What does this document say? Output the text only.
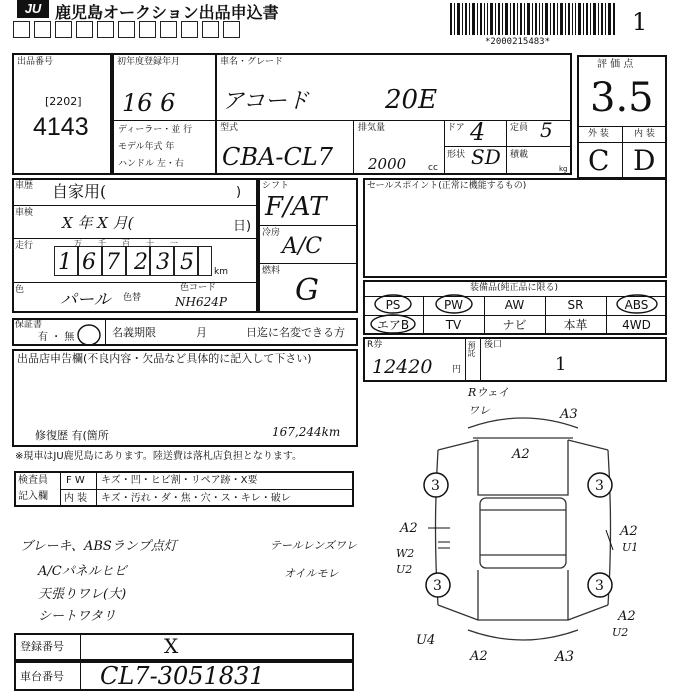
JU 鹿児島オークション出品申込書
*2000215483*
1
出品番号
[2202]
4143
初年度登録年月
16 6
車名・グレード
アコード	20E
ディーラー・並 行
モデル年式 年
ハンドル 左・右
型式
CBA-CL7
排気量
2000 cc
ドア 4	定員 5
形状 SD 積載
kg
評 価 点
3.5
外 装	内 装
C D
車歴 自家用(	)
車検
X 年 X 月(	日)
走行	万 千 百 十 一
1 6 7 2 3 5 km
色 パール 色替
色コード
NH624P
シフト
F/AT
冷房
A/C
燃料
G
セールスポイント(正常に機能するもの)
装備品(純正品に限る)
PS	PW	AW	SR	ABS
エアB	TV	ナビ	本革	4WD
R券
12420 円
預託 後口
1
保証書
有 ・ 無	名義期限	月	日迄に名変できる方
出品店申告欄(不良内容・欠品など具体的に記入して下さい)
修復歴 有(箇所	167,244km
※現車はJU鹿児島にあります。陸送費は落札店負担となります。
検査員
記入欄
F W キズ・凹・ヒビ割・リペア跡・X要
内 装 キズ・汚れ・ダ・焦・穴・ス・キレ・破レ
ブレーキ、ABSランプ点灯	テールレンズワレ
A/Cパネルヒビ	オイルモレ
天張りワレ(大)
シートワタリ
登録番号	X
車台番号 CL7-3051831
3	3
3	3
Rウェイ
ワレ	A3
A2
A2	A2
U1
W2
U2
U4
A2
U2
A2	A3
